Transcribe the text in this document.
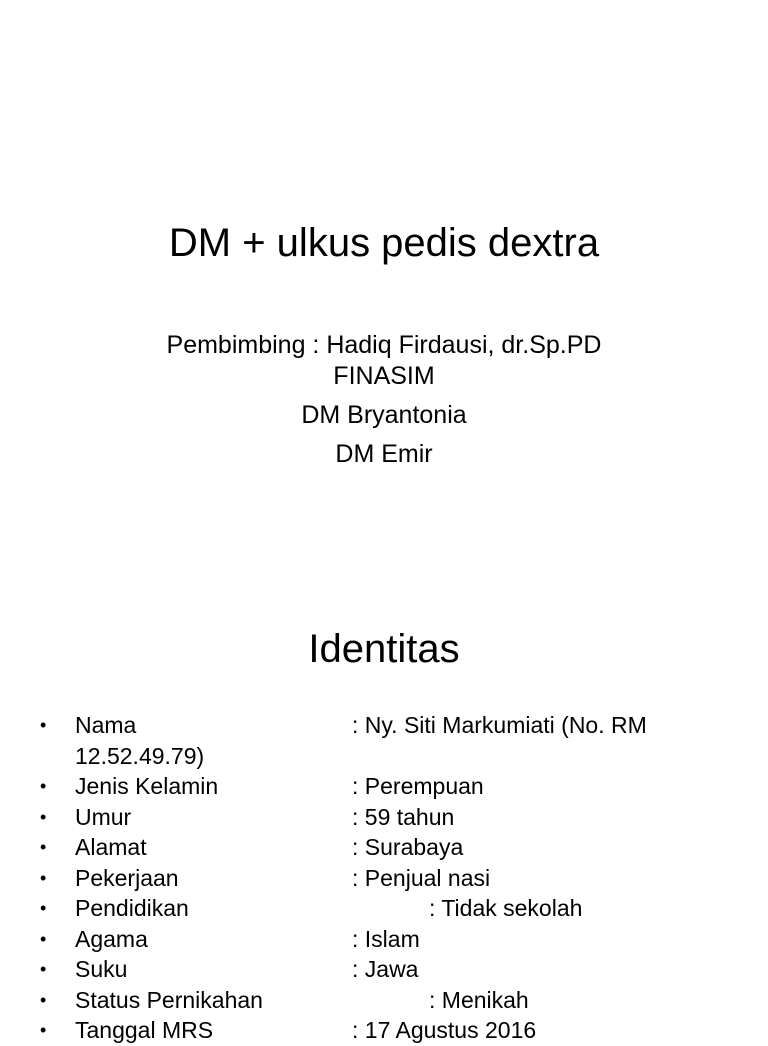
DM + ulkus pedis dextra
Pembimbing : Hadiq Firdausi, dr.Sp.PD
FINASIM
DM Bryantonia
DM Emir
Identitas
• Nama	: Ny. Siti Markumiati (No. RM
12.52.49.79)
• Jenis Kelamin	: Perempuan
• Umur	: 59 tahun
• Alamat	: Surabaya
• Pekerjaan	: Penjual nasi
• Pendidikan	: Tidak sekolah
• Agama	: Islam
• Suku	: Jawa
• Status Pernikahan	: Menikah
• Tanggal MRS	: 17 Agustus 2016
